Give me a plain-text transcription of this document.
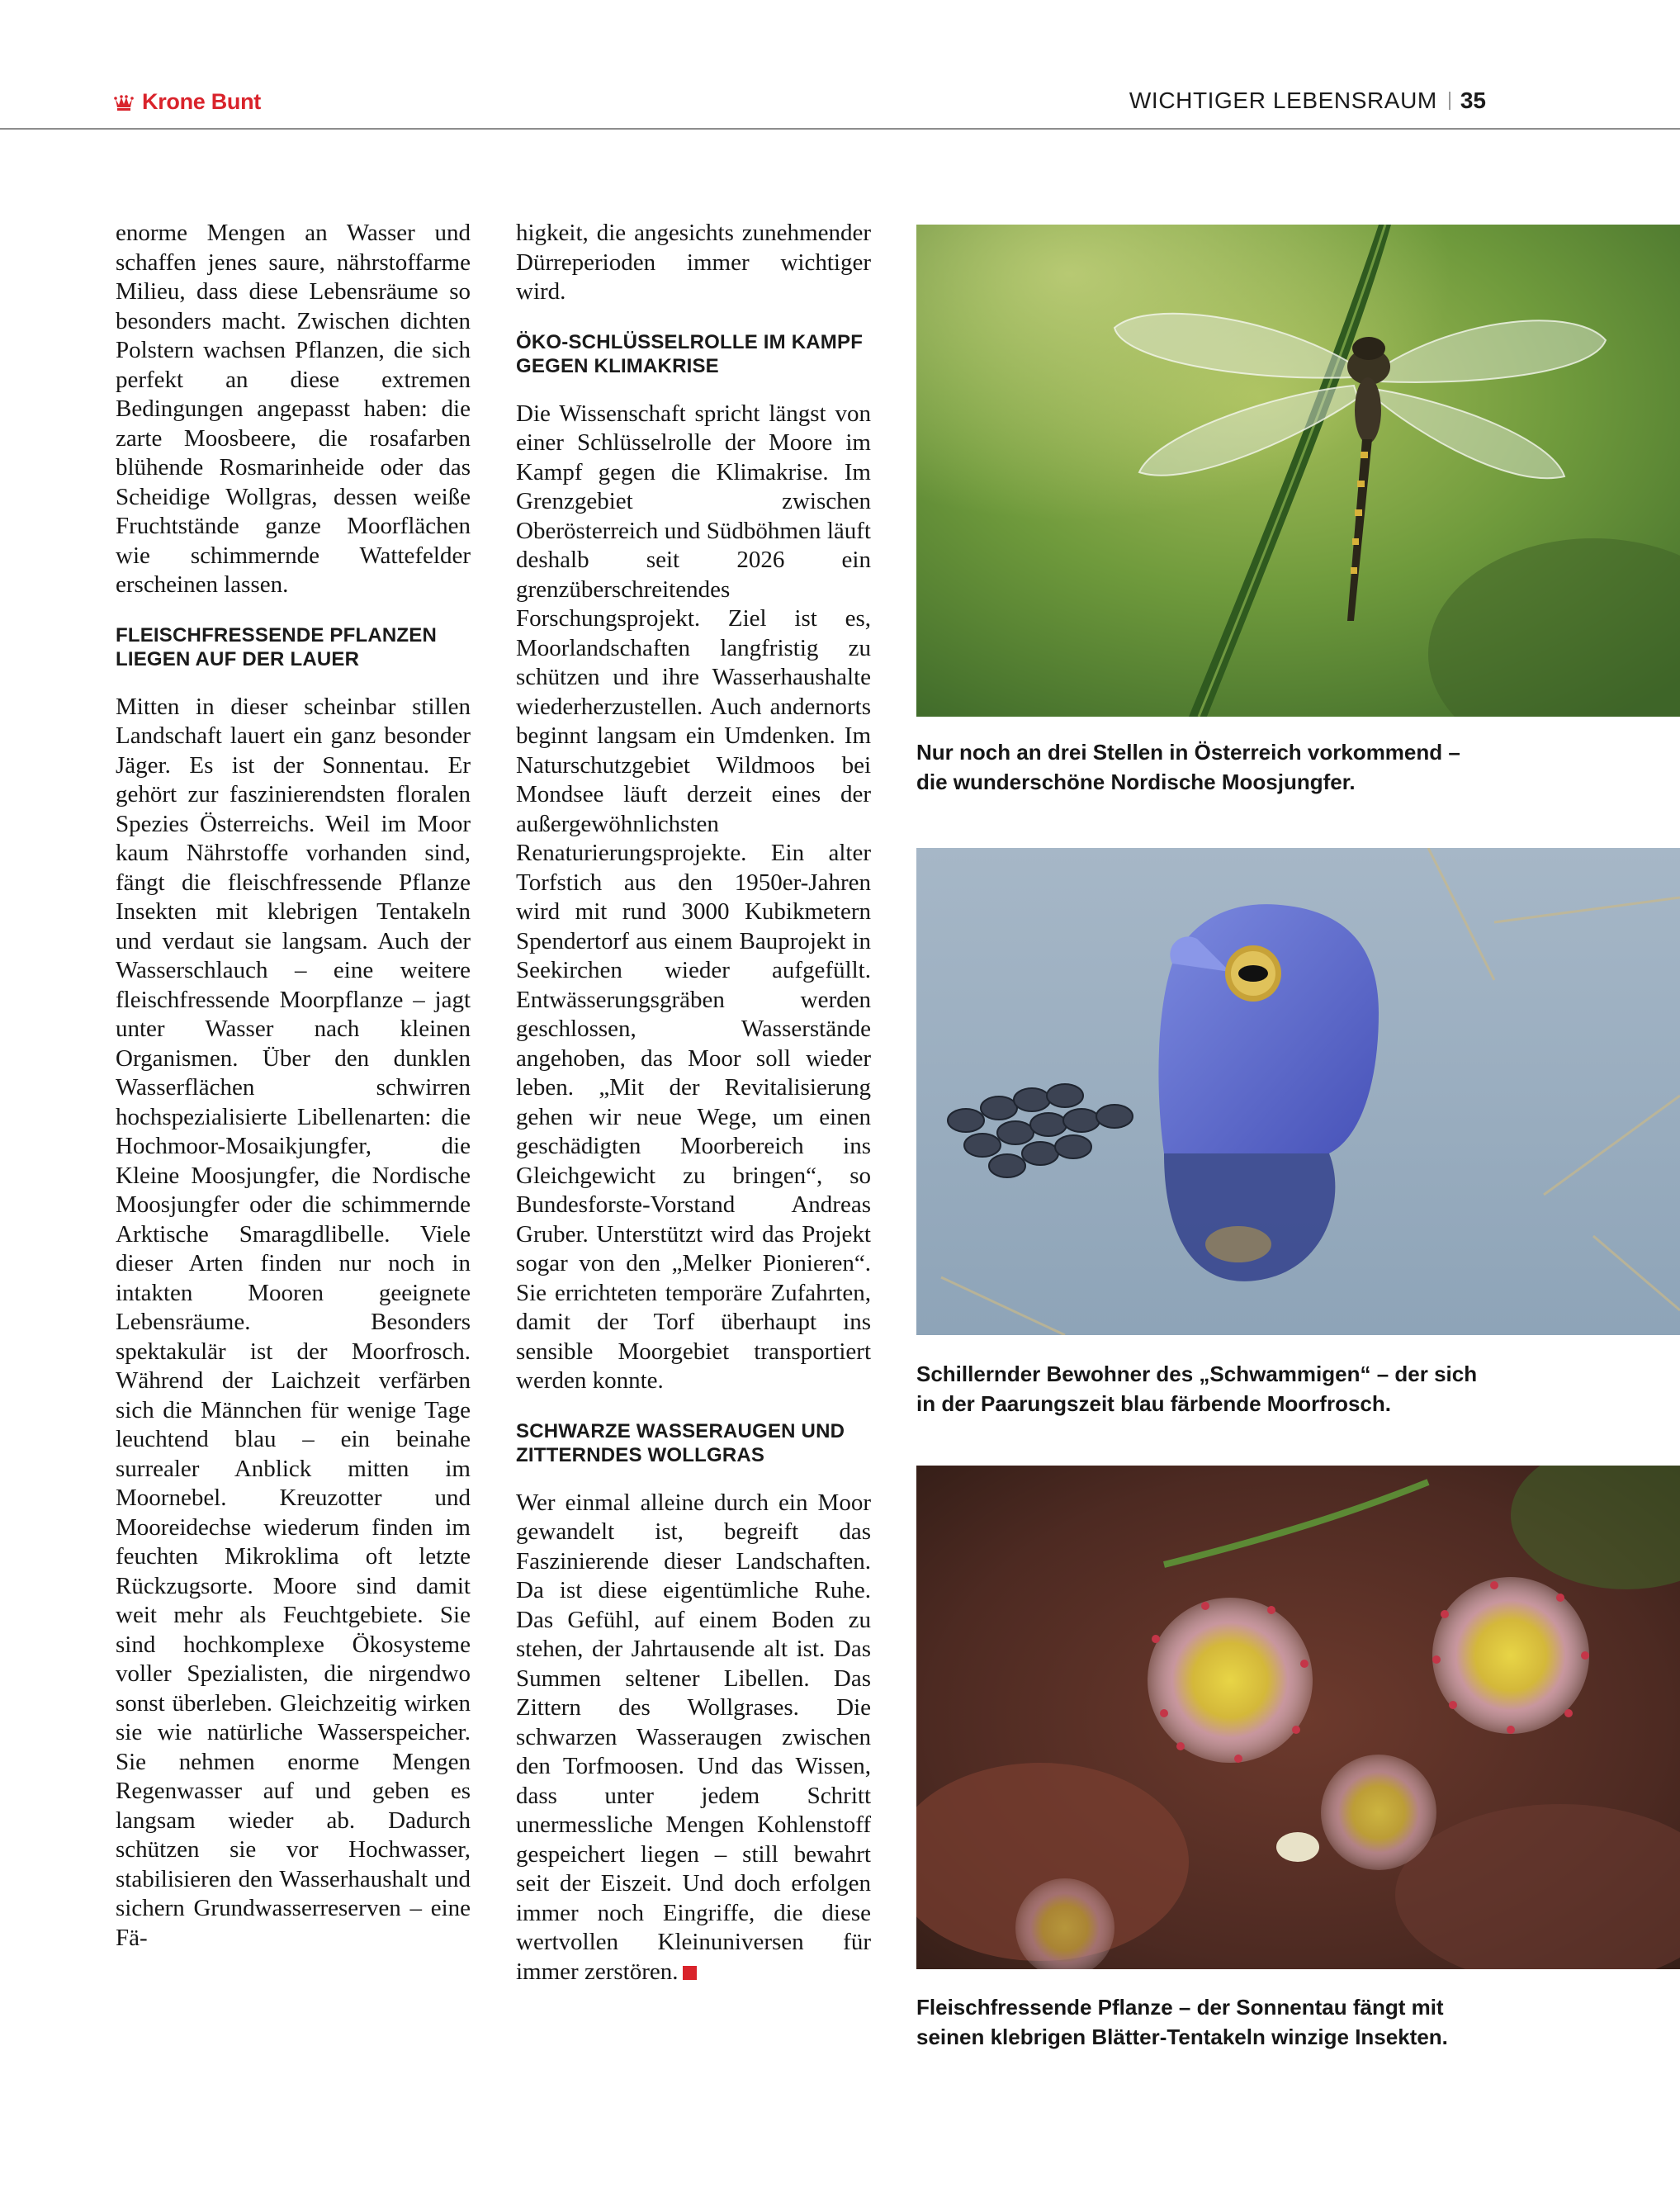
Krone Bunt	WICHTIGER LEBENSRAUM 35

enorme Mengen an Wasser und schaffen jenes saure, nährstoffarme Milieu, dass diese Lebensräume so besonders macht. Zwischen dichten Polstern wachsen Pflanzen, die sich perfekt an diese extremen Bedingungen angepasst haben: die zarte Moosbeere, die rosafarben blühende Rosmarinheide oder das Scheidige Wollgras, dessen weiße Fruchtstände ganze Moorflächen wie schimmernde Wattefelder erscheinen lassen.

FLEISCHFRESSENDE PFLANZEN LIEGEN AUF DER LAUER

Mitten in dieser scheinbar stillen Landschaft lauert ein ganz besonder Jäger. Es ist der Sonnentau. Er gehört zur faszinierendsten floralen Spezies Österreichs. Weil im Moor kaum Nährstoffe vorhanden sind, fängt die fleischfressende Pflanze Insekten mit klebrigen Tentakeln und verdaut sie langsam. Auch der Wasserschlauch – eine weitere fleischfressende Moorpflanze – jagt unter Wasser nach kleinen Organismen. Über den dunklen Wasserflächen schwirren hochspezialisierte Libellenarten: die Hochmoor-Mosaikjungfer, die Kleine Moosjungfer, die Nordische Moosjungfer oder die schimmernde Arktische Smaragdlibelle. Viele dieser Arten finden nur noch in intakten Mooren geeignete Lebensräume. Besonders spektakulär ist der Moorfrosch. Während der Laichzeit verfärben sich die Männchen für wenige Tage leuchtend blau – ein beinahe surrealer Anblick mitten im Moornebel. Kreuzotter und Mooreidechse wiederum finden im feuchten Mikroklima oft letzte Rückzugsorte. Moore sind damit weit mehr als Feuchtgebiete. Sie sind hochkomplexe Ökosysteme voller Spezialisten, die nirgendwo sonst überleben. Gleichzeitig wirken sie wie natürliche Wasserspeicher. Sie nehmen enorme Mengen Regenwasser auf und geben es langsam wieder ab. Dadurch schützen sie vor Hochwasser, stabilisieren den Wasserhaushalt und sichern Grundwasserreserven – eine Fä-

higkeit, die angesichts zunehmender Dürreperioden immer wichtiger wird.

ÖKO-SCHLÜSSELROLLE IM KAMPF GEGEN KLIMAKRISE

Die Wissenschaft spricht längst von einer Schlüsselrolle der Moore im Kampf gegen die Klimakrise. Im Grenzgebiet zwischen Oberösterreich und Südböhmen läuft deshalb seit 2026 ein grenzüberschreitendes Forschungsprojekt. Ziel ist es, Moorlandschaften langfristig zu schützen und ihre Wasserhaushalte wiederherzustellen. Auch andernorts beginnt langsam ein Umdenken. Im Naturschutzgebiet Wildmoos bei Mondsee läuft derzeit eines der außergewöhnlichsten Renaturierungsprojekte. Ein alter Torfstich aus den 1950er-Jahren wird mit rund 3000 Kubikmetern Spendertorf aus einem Bauprojekt in Seekirchen wieder aufgefüllt. Entwässerungsgräben werden geschlossen, Wasserstände angehoben, das Moor soll wieder leben. „Mit der Revitalisierung gehen wir neue Wege, um einen geschädigten Moorbereich ins Gleichgewicht zu bringen“, so Bundesforste-Vorstand Andreas Gruber. Unterstützt wird das Projekt sogar von den „Melker Pionieren“. Sie errichteten temporäre Zufahrten, damit der Torf überhaupt ins sensible Moorgebiet transportiert werden konnte.

SCHWARZE WASSERAUGEN UND ZITTERNDES WOLLGRAS

Wer einmal alleine durch ein Moor gewandelt ist, begreift das Faszinierende dieser Landschaften. Da ist diese eigentümliche Ruhe. Das Gefühl, auf einem Boden zu stehen, der Jahrtausende alt ist. Das Summen seltener Libellen. Das Zittern des Wollgrases. Die schwarzen Wasseraugen zwischen den Torfmoosen. Und das Wissen, dass unter jedem Schritt unermessliche Mengen Kohlenstoff gespeichert liegen – still bewahrt seit der Eiszeit. Und doch erfolgen immer noch Eingriffe, die diese wertvollen Kleinuniversen für immer zerstören.

Nur noch an drei Stellen in Österreich vorkommend – die wunderschöne Nordische Moosjungfer.
Schillernder Bewohner des „Schwammigen“ – der sich in der Paarungszeit blau färbende Moorfrosch.
Fleischfressende Pflanze – der Sonnentau fängt mit seinen klebrigen Blätter-Tentakeln winzige Insekten.
